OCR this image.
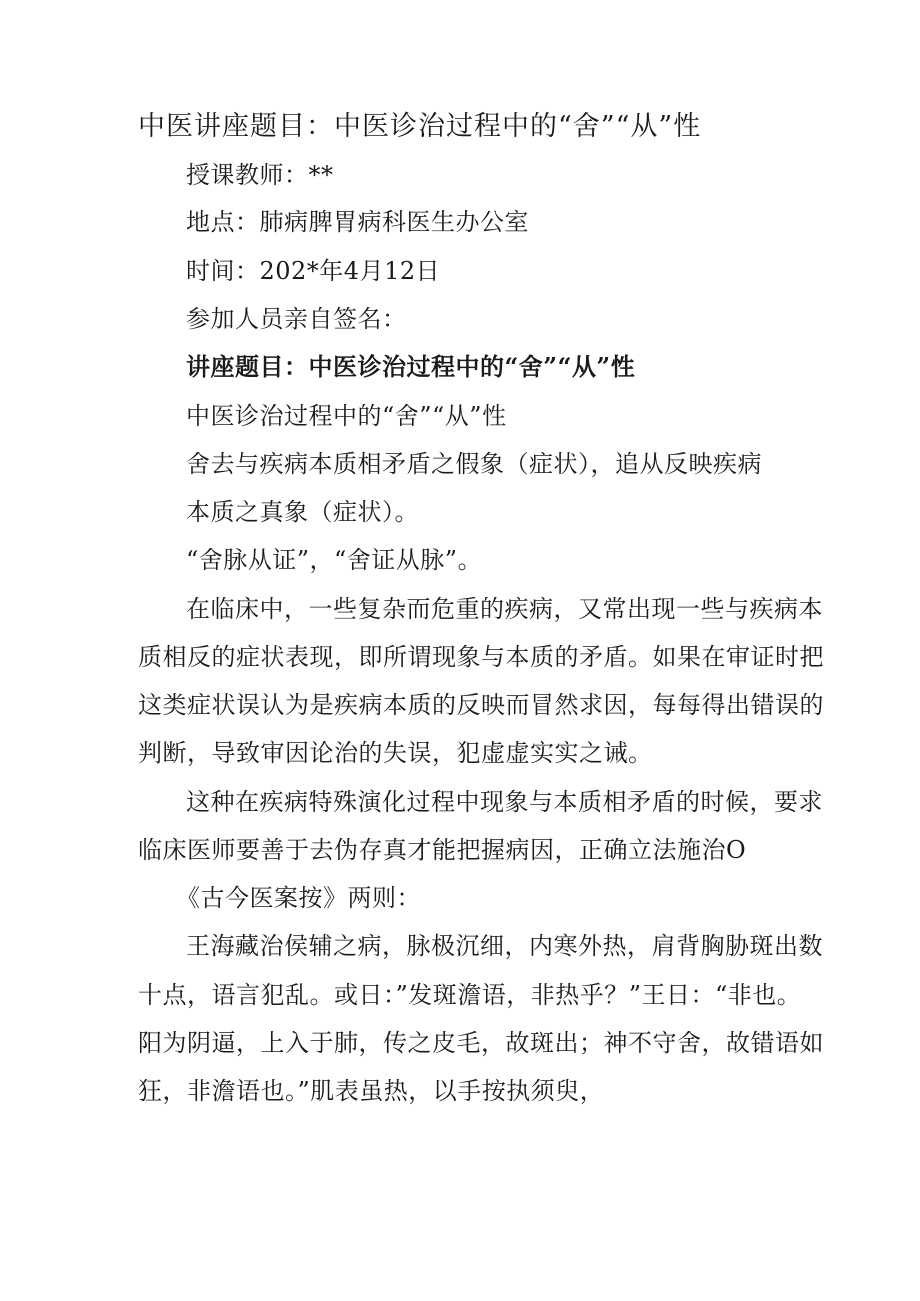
中医讲座题目：中医诊治过程中的“舍”“从”性
授课教师：**
地点：肺病脾胃病科医生办公室
时间：202*年4月12日
参加人员亲自签名：
讲座题目：中医诊治过程中的“舍”“从”性
中医诊治过程中的“舍”“从”性
舍去与疾病本质相矛盾之假象（症状），追从反映疾病
本质之真象（症状）。
“舍脉从证”，“舍证从脉”。
在临床中，一些复杂而危重的疾病，又常出现一些与疾病本
质相反的症状表现，即所谓现象与本质的矛盾。如果在审证时把
这类症状误认为是疾病本质的反映而冒然求因，每每得出错误的
判断，导致审因论治的失误，犯虚虚实实之诫。
这种在疾病特殊演化过程中现象与本质相矛盾的时候，要求
临床医师要善于去伪存真才能把握病因，正确立法施治O
《古今医案按》两则：
王海藏治侯辅之病，脉极沉细，内寒外热，肩背胸胁斑出数
十点，语言犯乱。或日：”发斑澹语，非热乎？”王日：“非也。
阳为阴逼，上入于肺，传之皮毛，故斑出；神不守舍，故错语如
狂，非澹语也。”肌表虽热，以手按执须臾，
